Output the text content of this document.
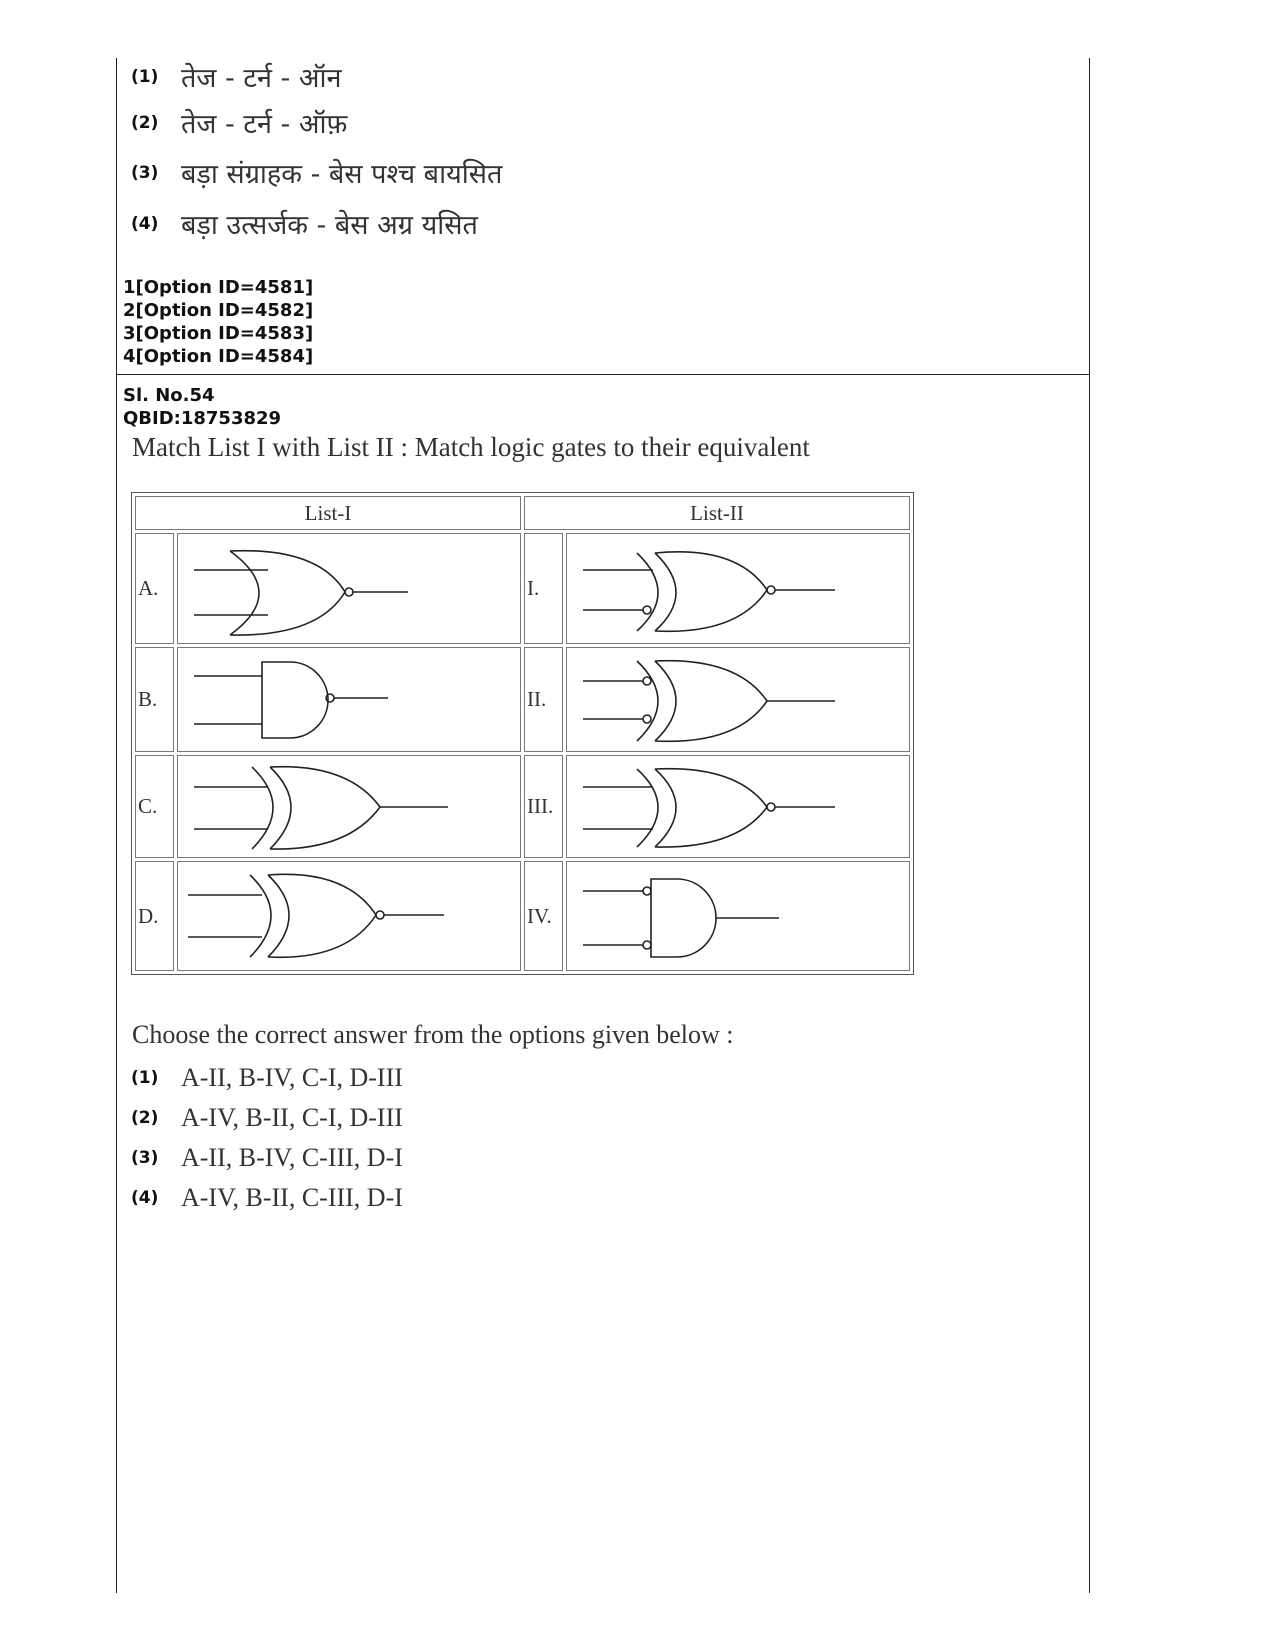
(1) तेज - टर्न - ऑन
(2) तेज - टर्न - ऑफ़
(3) बड़ा संग्राहक - बेस पश्च बायसित
(4) बड़ा उत्सर्जक - बेस अग्र यसित
1[Option ID=4581]
2[Option ID=4582]
3[Option ID=4583]
4[Option ID=4584]
Sl. No.54
QBID:18753829
Match List I with List II : Match logic gates to their equivalent
List-I		List-II	
A.		I.	

B.		II.	

C.		III.	

D.		IV.	
Choose the correct answer from the options given below :
(1) A-II, B-IV, C-I, D-III
(2) A-IV, B-II, C-I, D-III
(3) A-II, B-IV, C-III, D-I
(4) A-IV, B-II, C-III, D-I
